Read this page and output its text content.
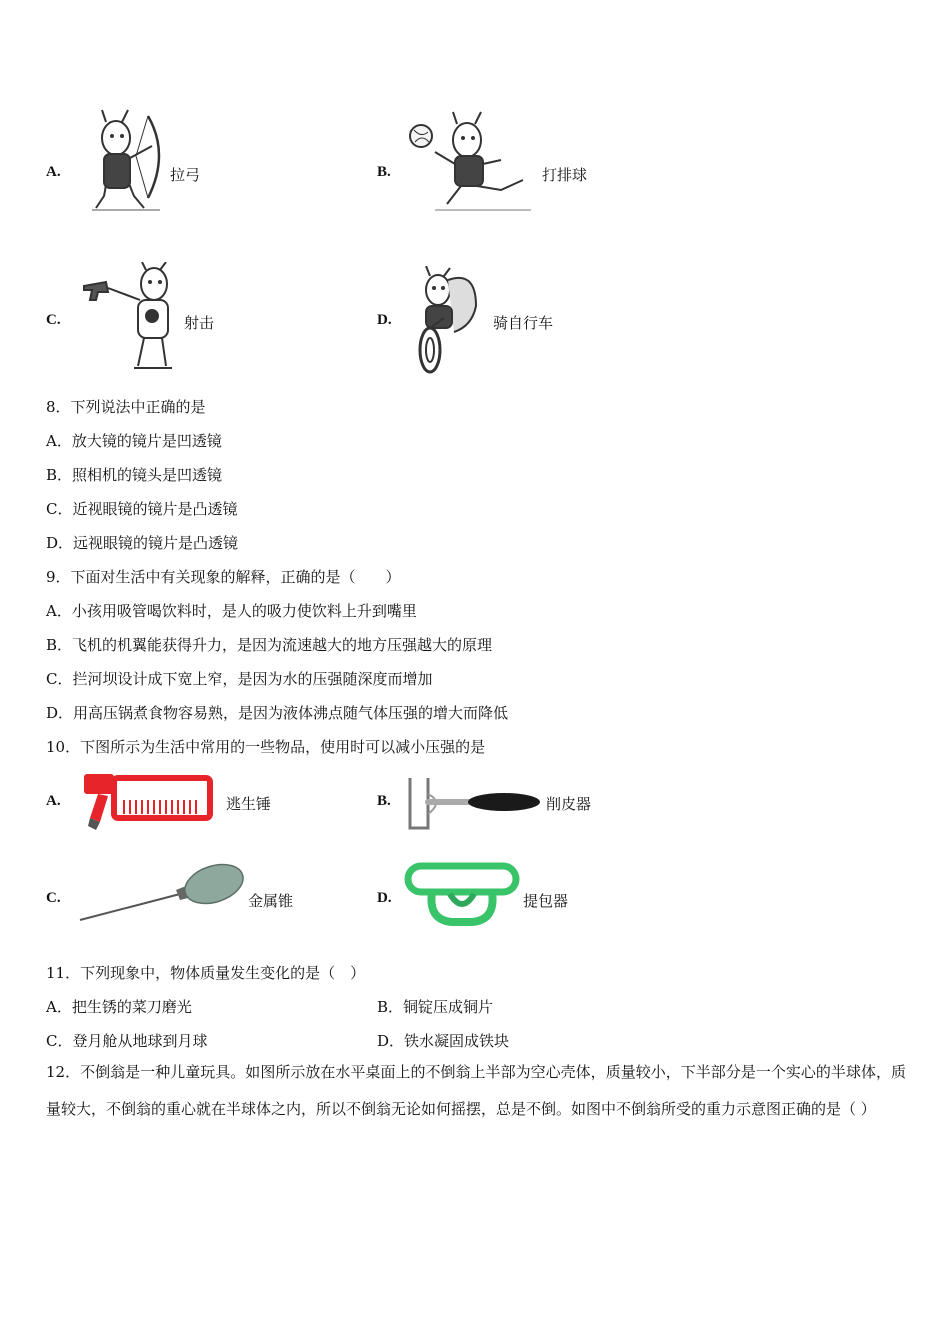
A.	拉弓	B.	打排球
C.	射击	D.	骑自行车
8．下列说法中正确的是
A．放大镜的镜片是凹透镜
B．照相机的镜头是凹透镜
C．近视眼镜的镜片是凸透镜
D．远视眼镜的镜片是凸透镜
9．下面对生活中有关现象的解释，正确的是（　　）
A．小孩用吸管喝饮料时，是人的吸力使饮料上升到嘴里
B．飞机的机翼能获得升力，是因为流速越大的地方压强越大的原理
C．拦河坝设计成下宽上窄，是因为水的压强随深度而增加
D．用高压锅煮食物容易熟，是因为液体沸点随气体压强的增大而降低
10．下图所示为生活中常用的一些物品，使用时可以减小压强的是
A.	逃生锤	B.	削皮器
C.	金属锥	D.	提包器
11．下列现象中，物体质量发生变化的是（　）
A．把生锈的菜刀磨光	B．铜锭压成铜片
C．登月舱从地球到月球	D．铁水凝固成铁块
12．不倒翁是一种儿童玩具。如图所示放在水平桌面上的不倒翁上半部为空心壳体，质量较小，下半部分是一个实心的半球体，质量较大，不倒翁的重心就在半球体之内，所以不倒翁无论如何摇摆，总是不倒。如图中不倒翁所受的重力示意图正确的是（ ）
